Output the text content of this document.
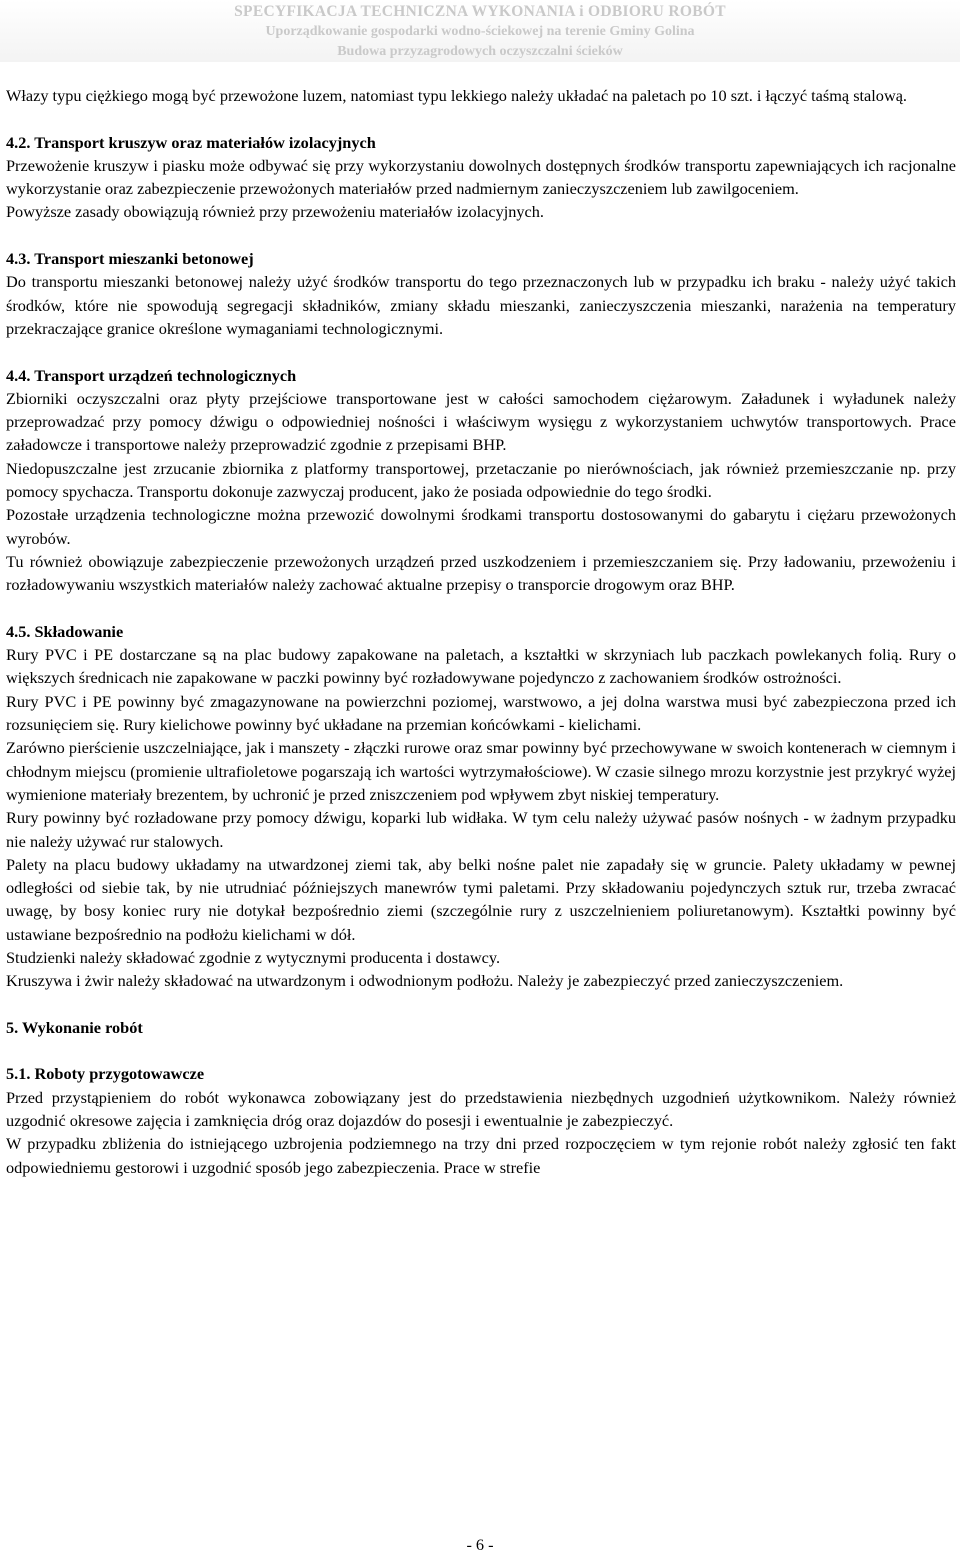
SPECYFIKACJA TECHNICZNA WYKONANIA i ODBIORU ROBÓT
Uporządkowanie gospodarki wodno-ściekowej na terenie Gminy Golina
Budowa przyzagrodowych oczyszczalni ścieków

Włazy typu ciężkiego mogą być przewożone luzem, natomiast typu lekkiego należy układać na paletach po 10 szt. i łączyć taśmą stalową.

4.2. Transport kruszyw oraz materiałów izolacyjnych

Przewożenie kruszyw i piasku może odbywać się przy wykorzystaniu dowolnych dostępnych środków transportu zapewniających ich racjonalne wykorzystanie oraz zabezpieczenie przewożonych materiałów przed nadmiernym zanieczyszczeniem lub zawilgoceniem.

Powyższe zasady obowiązują również przy przewożeniu materiałów izolacyjnych.

4.3. Transport mieszanki betonowej

Do transportu mieszanki betonowej należy użyć środków transportu do tego przeznaczonych lub w przypadku ich braku - należy użyć takich środków, które nie spowodują segregacji składników, zmiany składu mieszanki, zanieczyszczenia mieszanki, narażenia na temperatury przekraczające granice określone wymaganiami technologicznymi.

4.4. Transport urządzeń technologicznych

Zbiorniki oczyszczalni oraz płyty przejściowe transportowane jest w całości samochodem ciężarowym. Załadunek i wyładunek należy przeprowadzać przy pomocy dźwigu o odpowiedniej nośności i właściwym wysięgu z wykorzystaniem uchwytów transportowych. Prace załadowcze i transportowe należy przeprowadzić zgodnie z przepisami BHP.

Niedopuszczalne jest zrzucanie zbiornika z platformy transportowej, przetaczanie po nierównościach, jak również przemieszczanie np. przy pomocy spychacza. Transportu dokonuje zazwyczaj producent, jako że posiada odpowiednie do tego środki.

Pozostałe urządzenia technologiczne można przewozić dowolnymi środkami transportu dostosowanymi do gabarytu i ciężaru przewożonych wyrobów.

Tu również obowiązuje zabezpieczenie przewożonych urządzeń przed uszkodzeniem i przemieszczaniem się. Przy ładowaniu, przewożeniu i rozładowywaniu wszystkich materiałów należy zachować aktualne przepisy o transporcie drogowym oraz BHP.

4.5. Składowanie

Rury PVC i PE dostarczane są na plac budowy zapakowane na paletach, a kształtki w skrzyniach lub paczkach powlekanych folią. Rury o większych średnicach nie zapakowane w paczki powinny być rozładowywane pojedynczo z zachowaniem środków ostrożności.

Rury PVC i PE powinny być zmagazynowane na powierzchni poziomej, warstwowo, a jej dolna warstwa musi być zabezpieczona przed ich rozsunięciem się. Rury kielichowe powinny być układane na przemian końcówkami - kielichami.

Zarówno pierścienie uszczelniające, jak i manszety - złączki rurowe oraz smar powinny być przechowywane w swoich kontenerach w ciemnym i chłodnym miejscu (promienie ultrafioletowe pogarszają ich wartości wytrzymałościowe). W czasie silnego mrozu korzystnie jest przykryć wyżej wymienione materiały brezentem, by uchronić je przed zniszczeniem pod wpływem zbyt niskiej temperatury.

Rury powinny być rozładowane przy pomocy dźwigu, koparki lub widłaka. W tym celu należy używać pasów nośnych - w żadnym przypadku nie należy używać rur stalowych.

Palety na placu budowy układamy na utwardzonej ziemi tak, aby belki nośne palet nie zapadały się w gruncie. Palety układamy w pewnej odległości od siebie tak, by nie utrudniać późniejszych manewrów tymi paletami. Przy składowaniu pojedynczych sztuk rur, trzeba zwracać uwagę, by bosy koniec rury nie dotykał bezpośrednio ziemi (szczególnie rury z uszczelnieniem poliuretanowym). Kształtki powinny być ustawiane bezpośrednio na podłożu kielichami w dół.

Studzienki należy składować zgodnie z wytycznymi producenta i dostawcy.

Kruszywa i żwir należy składować na utwardzonym i odwodnionym podłożu. Należy je zabezpieczyć przed zanieczyszczeniem.

5. Wykonanie robót

5.1. Roboty przygotowawcze

Przed przystąpieniem do robót wykonawca zobowiązany jest do przedstawienia niezbędnych uzgodnień użytkownikom. Należy również uzgodnić okresowe zajęcia i zamknięcia dróg oraz dojazdów do posesji i ewentualnie je zabezpieczyć.

W przypadku zbliżenia do istniejącego uzbrojenia podziemnego na trzy dni przed rozpoczęciem w tym rejonie robót należy zgłosić ten fakt odpowiedniemu gestorowi i uzgodnić sposób jego zabezpieczenia. Prace w strefie

- 6 -
